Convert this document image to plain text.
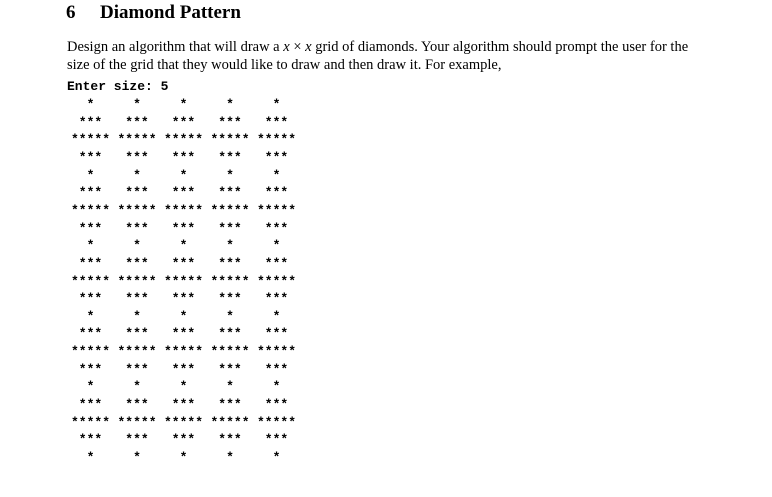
6 Diamond Pattern

Design an algorithm that will draw a x × x grid of diamonds. Your algorithm should prompt the user for the size of the grid that they would like to draw and then draw it. For example,

Enter size: 5
*	*	*	*	*
***	***	***	***	***
***** ***** ***** ***** *****
***	***	***	***	***
*	*	*	*	*
***	***	***	***	***
***** ***** ***** ***** *****
***	***	***	***	***
*	*	*	*	*
***	***	***	***	***
***** ***** ***** ***** *****
***	***	***	***	***
*	*	*	*	*
***	***	***	***	***
***** ***** ***** ***** *****
***	***	***	***	***
*	*	*	*	*
***	***	***	***	***
***** ***** ***** ***** *****
***	***	***	***	***
*	*	*	*	*
